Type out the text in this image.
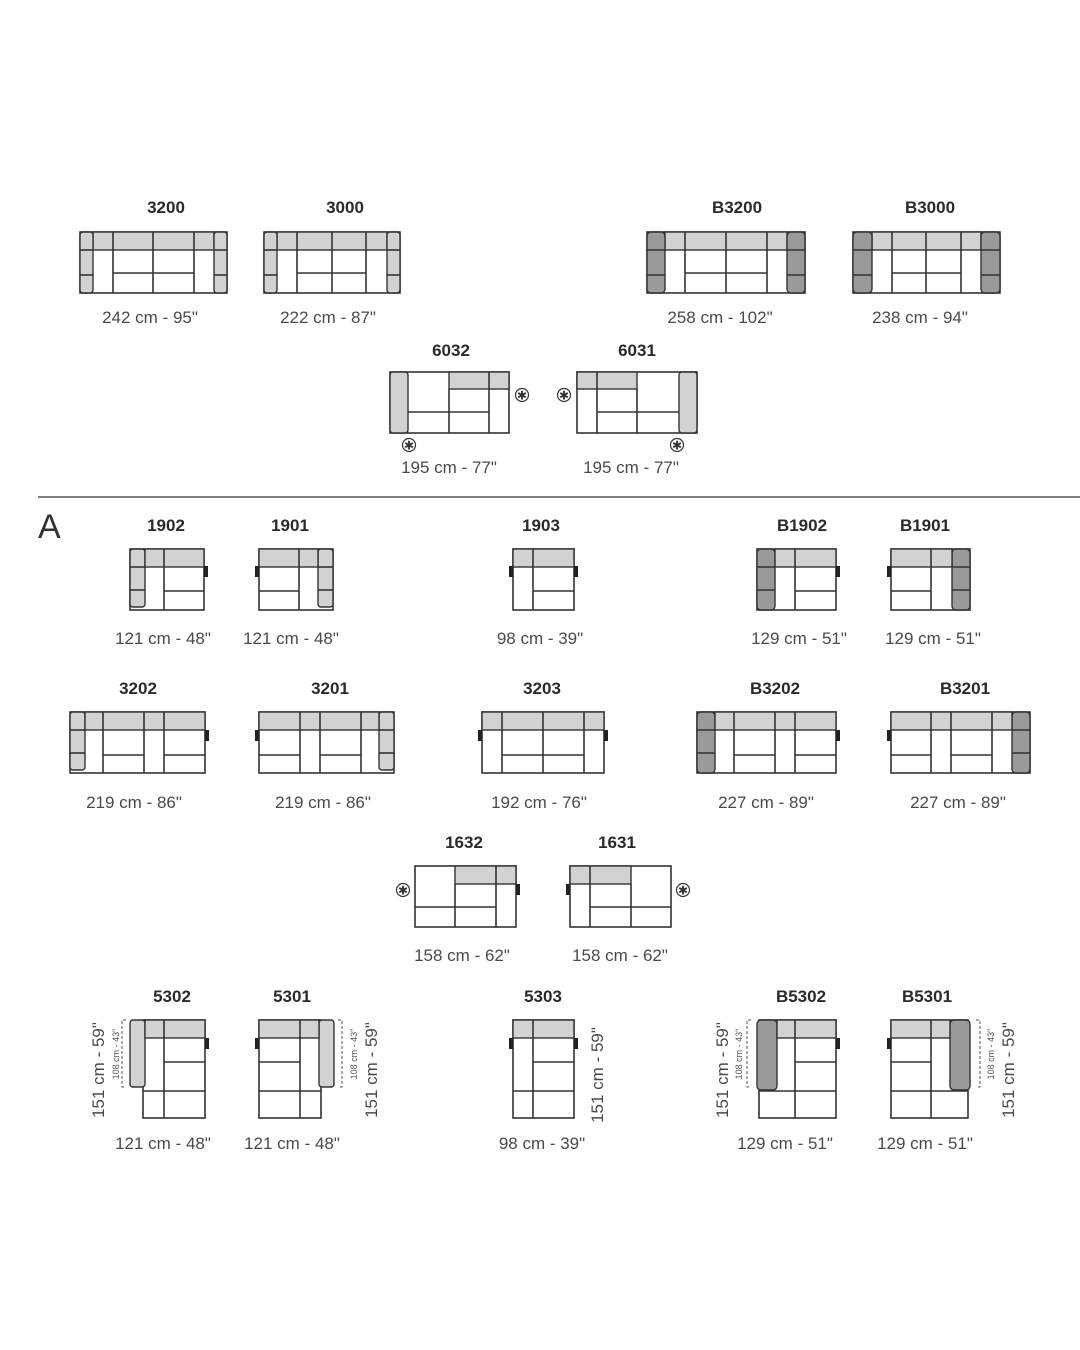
A
3200
242 cm - 95"
3000
222 cm - 87"
B3200
258 cm - 102"
B3000
238 cm - 94"
6032
✱
✱
195 cm - 77"
6031
✱
✱
195 cm - 77"
1902
121 cm - 48"
1901
121 cm - 48"
1903
98 cm - 39"
B1902
129 cm - 51"
B1901
129 cm - 51"
3202
219 cm - 86"
3201
219 cm - 86"
3203
192 cm - 76"
B3202
227 cm - 89"
B3201
227 cm - 89"
1632
✱
158 cm - 62"
1631
✱
158 cm - 62"
5302
108 cm - 43"
151 cm - 59"
121 cm - 48"
5301
108 cm - 43" 151 cm - 59"
121 cm - 48"
5303
151 cm - 59"
98 cm - 39"
B5302
108 cm - 43"
151 cm - 59"
129 cm - 51"
B5301
108 cm - 43" 151 cm - 59"
129 cm - 51"
